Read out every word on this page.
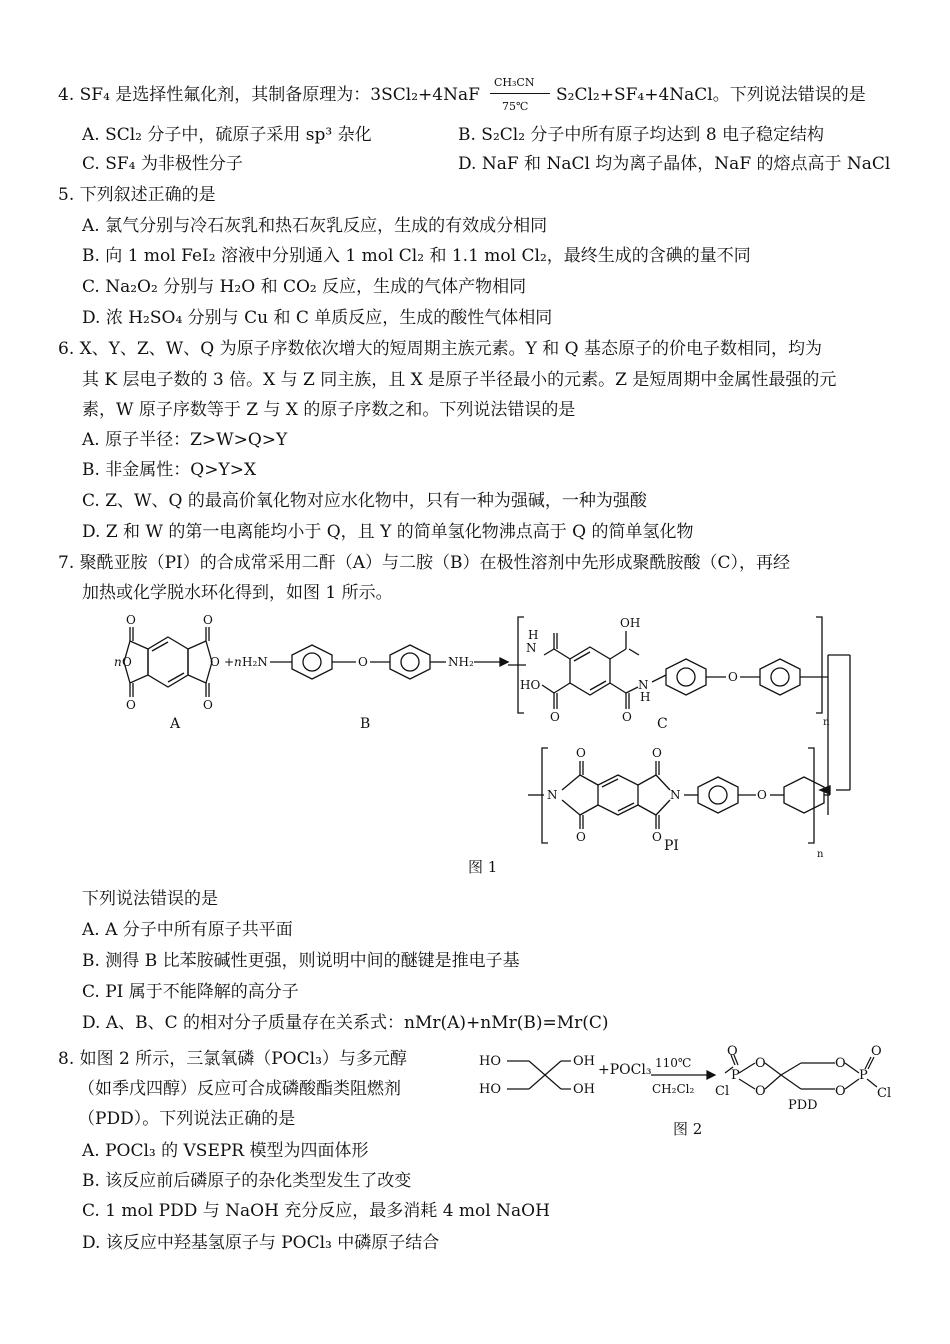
4. SF₄ 是选择性氟化剂，其制备原理为：3SCl₂+4NaF
CH₃CN
75℃
S₂Cl₂+SF₄+4NaCl。下列说法错误的是
A. SCl₂ 分子中，硫原子采用 sp³ 杂化	B. S₂Cl₂ 分子中所有原子均达到 8 电子稳定结构
C. SF₄ 为非极性分子	D. NaF 和 NaCl 均为离子晶体，NaF 的熔点高于 NaCl
5. 下列叙述正确的是
A. 氯气分别与冷石灰乳和热石灰乳反应，生成的有效成分相同
B. 向 1 mol FeI₂ 溶液中分别通入 1 mol Cl₂ 和 1.1 mol Cl₂，最终生成的含碘的量不同
C. Na₂O₂ 分别与 H₂O 和 CO₂ 反应，生成的气体产物相同
D. 浓 H₂SO₄ 分别与 Cu 和 C 单质反应，生成的酸性气体相同
6. X、Y、Z、W、Q 为原子序数依次增大的短周期主族元素。Y 和 Q 基态原子的价电子数相同，均为
其 K 层电子数的 3 倍。X 与 Z 同主族，且 X 是原子半径最小的元素。Z 是短周期中金属性最强的元
素，W 原子序数等于 Z 与 X 的原子序数之和。下列说法错误的是
A. 原子半径：Z>W>Q>Y
B. 非金属性：Q>Y>X
C. Z、W、Q 的最高价氧化物对应水化物中，只有一种为强碱，一种为强酸
D. Z 和 W 的第一电离能均小于 Q，且 Y 的简单氢化物沸点高于 Q 的简单氢化物
7. 聚酰亚胺（PI）的合成常采用二酐（A）与二胺（B）在极性溶剂中先形成聚酰胺酸（C），再经
加热或化学脱水环化得到，如图 1 所示。
O
O
O
O
n O	O + n H₂N	O	NH₂
H
N
OH
HO
O	O
N
H
O
n
N
O
O
O
O
N	O
n
A	B	C
PI
图 1
下列说法错误的是
A. A 分子中所有原子共平面
B. 测得 B 比苯胺碱性更强，则说明中间的醚键是推电子基
C. PI 属于不能降解的高分子
D. A、B、C 的相对分子质量存在关系式：nMr(A)+nMr(B)=Mr(C)
8. 如图 2 所示，三氯氧磷（POCl₃）与多元醇
（如季戊四醇）反应可合成磷酸酯类阻燃剂
（PDD）。下列说法正确的是
HO	OH
HO	OH
O
Cl
P
O
O
O
O
P
O
Cl
+POCl₃ 110℃
CH₂Cl₂
PDD
图 2
A. POCl₃ 的 VSEPR 模型为四面体形
B. 该反应前后磷原子的杂化类型发生了改变
C. 1 mol PDD 与 NaOH 充分反应，最多消耗 4 mol NaOH
D. 该反应中羟基氢原子与 POCl₃ 中磷原子结合
